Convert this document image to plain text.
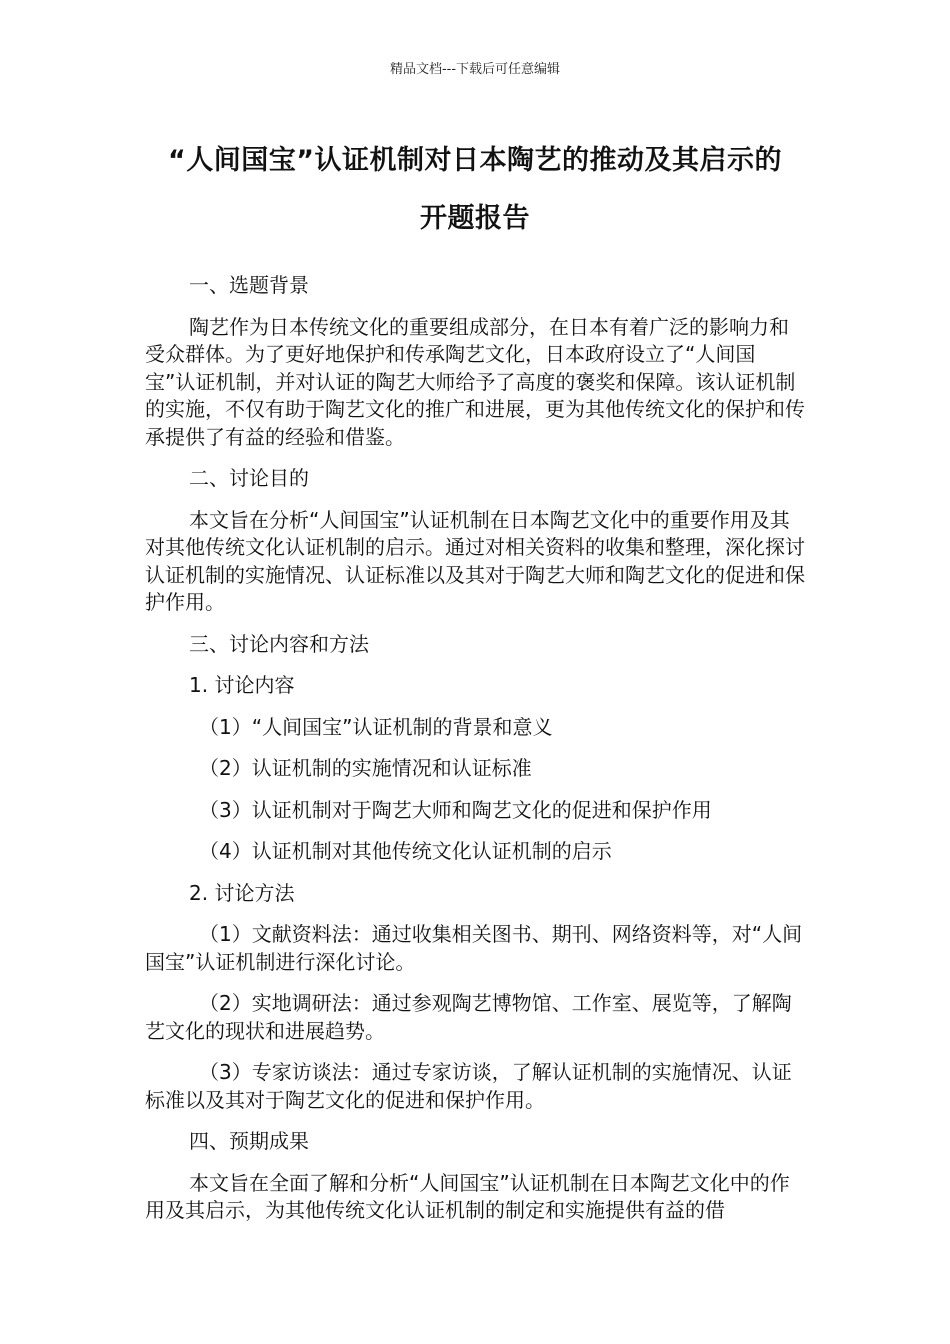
精品文档---下载后可任意编辑
“人间国宝”认证机制对日本陶艺的推动及其启示的
开题报告

一、选题背景

陶艺作为日本传统文化的重要组成部分，在日本有着广泛的影响力和受众群体。为了更好地保护和传承陶艺文化，日本政府设立了“人间国宝”认证机制，并对认证的陶艺大师给予了高度的褒奖和保障。该认证机制的实施，不仅有助于陶艺文化的推广和进展，更为其他传统文化的保护和传承提供了有益的经验和借鉴。

二、讨论目的

本文旨在分析“人间国宝”认证机制在日本陶艺文化中的重要作用及其对其他传统文化认证机制的启示。通过对相关资料的收集和整理，深化探讨认证机制的实施情况、认证标准以及其对于陶艺大师和陶艺文化的促进和保护作用。

三、讨论内容和方法

1. 讨论内容

（1）“人间国宝”认证机制的背景和意义

（2）认证机制的实施情况和认证标准

（3）认证机制对于陶艺大师和陶艺文化的促进和保护作用

（4）认证机制对其他传统文化认证机制的启示

2. 讨论方法

（1）文献资料法：通过收集相关图书、期刊、网络资料等，对“人间国宝”认证机制进行深化讨论。

（2）实地调研法：通过参观陶艺博物馆、工作室、展览等，了解陶艺文化的现状和进展趋势。

（3）专家访谈法：通过专家访谈，了解认证机制的实施情况、认证标准以及其对于陶艺文化的促进和保护作用。

四、预期成果

本文旨在全面了解和分析“人间国宝”认证机制在日本陶艺文化中的作用及其启示，为其他传统文化认证机制的制定和实施提供有益的借
